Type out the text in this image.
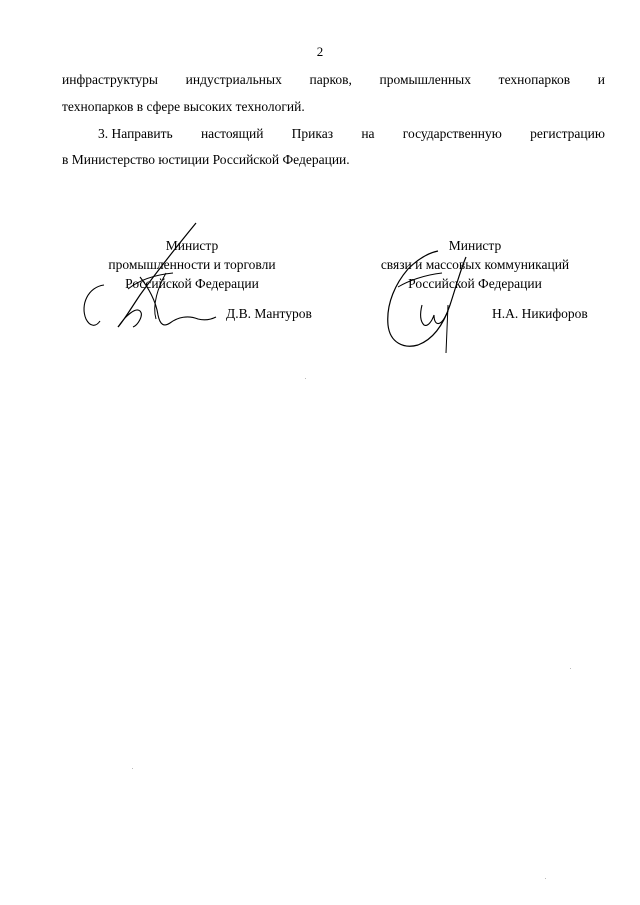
2
инфраструктуры индустриальных парков, промышленных технопарков и
технопарков в сфере высоких технологий.
3. Направить настоящий Приказ на государственную регистрацию
в Министерство юстиции Российской Федерации.
Министр
промышленности и торговли
Российской Федерации
Д.В. Мантуров
Министр
связи и массовых коммуникаций
Российской Федерации
Н.А. Никифоров
